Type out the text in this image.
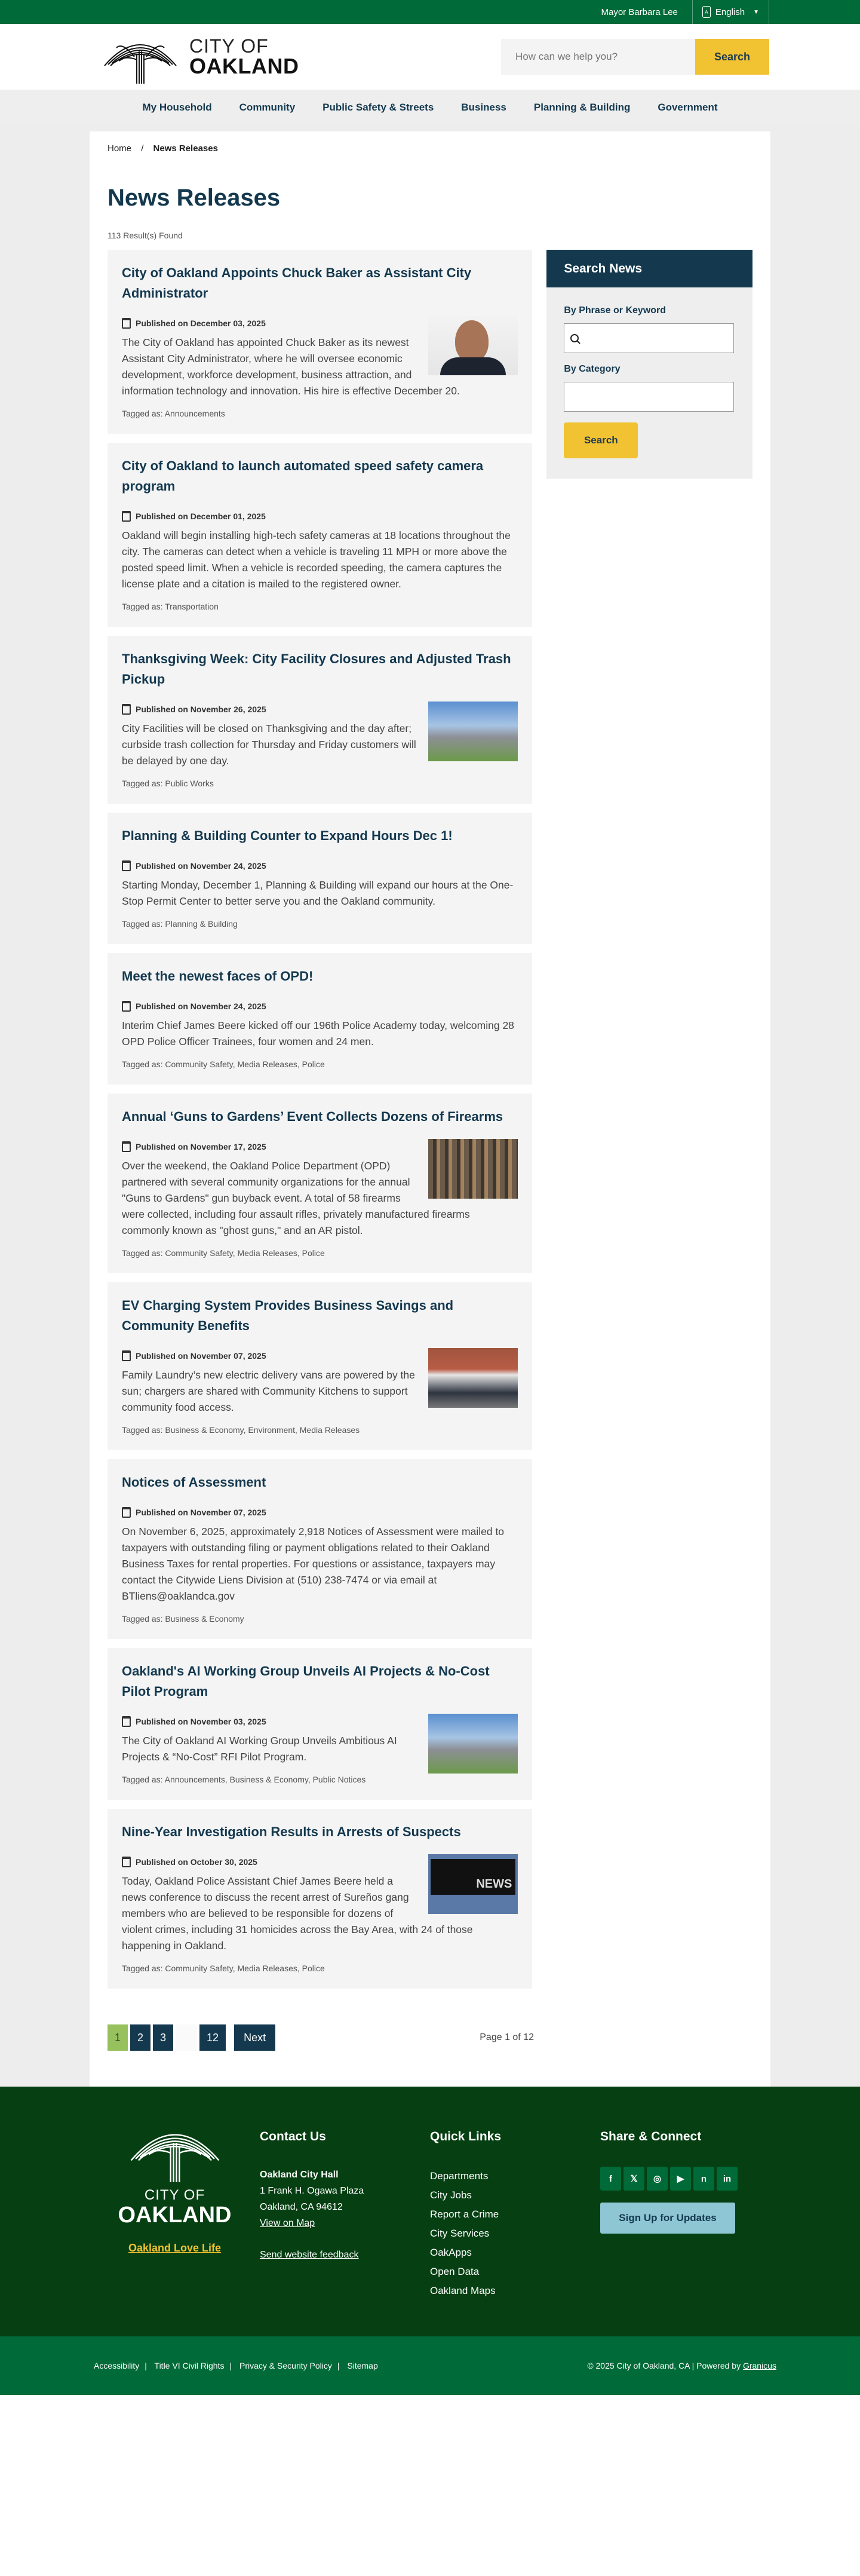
Mayor Barbara Lee	A English ▼
CITY OF
OAKLAND
How can we help you?	Search
My Household	Community	Public Safety & Streets	Business	Planning & Building	Government
Home / News Releases
News Releases
113 Result(s) Found
City of Oakland Appoints Chuck Baker as Assistant City Administrator
Published on December 03, 2025

The City of Oakland has appointed Chuck Baker as its newest Assistant City Administrator, where he will oversee economic development, workforce development, business attraction, and information technology and innovation. His hire is effective December 20.

Tagged as: Announcements
City of Oakland to launch automated speed safety camera program
Published on December 01, 2025

Oakland will begin installing high-tech safety cameras at 18 locations throughout the city. The cameras can detect when a vehicle is traveling 11 MPH or more above the posted speed limit. When a vehicle is recorded speeding, the camera captures the license plate and a citation is mailed to the registered owner.

Tagged as: Transportation
Thanksgiving Week: City Facility Closures and Adjusted Trash Pickup
Published on November 26, 2025

City Facilities will be closed on Thanksgiving and the day after; curbside trash collection for Thursday and Friday customers will be delayed by one day.

Tagged as: Public Works
Planning & Building Counter to Expand Hours Dec 1!
Published on November 24, 2025

Starting Monday, December 1, Planning & Building will expand our hours at the One-Stop Permit Center to better serve you and the Oakland community.

Tagged as: Planning & Building
Meet the newest faces of OPD!
Published on November 24, 2025

Interim Chief James Beere kicked off our 196th Police Academy today, welcoming 28 OPD Police Officer Trainees, four women and 24 men.

Tagged as: Community Safety, Media Releases, Police
Annual ‘Guns to Gardens’ Event Collects Dozens of Firearms
Published on November 17, 2025

Over the weekend, the Oakland Police Department (OPD) partnered with several community organizations for the annual "Guns to Gardens" gun buyback event. A total of 58 firearms were collected, including four assault rifles, privately manufactured firearms commonly known as "ghost guns," and an AR pistol.

Tagged as: Community Safety, Media Releases, Police
EV Charging System Provides Business Savings and Community Benefits
Published on November 07, 2025

Family Laundry’s new electric delivery vans are powered by the sun; chargers are shared with Community Kitchens to support community food access.

Tagged as: Business & Economy, Environment, Media Releases
Notices of Assessment
Published on November 07, 2025

On November 6, 2025, approximately 2,918 Notices of Assessment were mailed to taxpayers with outstanding filing or payment obligations related to their Oakland Business Taxes for rental properties. For questions or assistance, taxpayers may contact the Citywide Liens Division at (510) 238-7474 or via email at BTliens@oaklandca.gov

Tagged as: Business & Economy
Oakland's AI Working Group Unveils AI Projects & No-Cost Pilot Program
Published on November 03, 2025

The City of Oakland AI Working Group Unveils Ambitious AI Projects & “No-Cost” RFI Pilot Program.

Tagged as: Announcements, Business & Economy, Public Notices
Nine-Year Investigation Results in Arrests of Suspects
NEWS
Published on October 30, 2025

Today, Oakland Police Assistant Chief James Beere held a news conference to discuss the recent arrest of Sureños gang members who are believed to be responsible for dozens of violent crimes, including 31 homicides across the Bay Area, with 24 of those happening in Oakland.

Tagged as: Community Safety, Media Releases, Police
Search News
By Phrase or Keyword
By Category
Search
1	2	3	12	Next	Page 1 of 12
CITY OF
OAKLAND
Oakland Love Life
Contact Us

Oakland City Hall

1 Frank H. Ogawa Plaza

Oakland, CA 94612

View on Map

Send website feedback

Quick Links
Departments
City Jobs
Report a Crime
City Services
OakApps
Open Data
Oakland Maps
Share & Connect
f	𝕏	◎	▶	n	in
Sign Up for Updates
Accessibility | Title VI Civil Rights | Privacy & Security Policy | Sitemap	© 2025 City of Oakland, CA | Powered by Granicus
